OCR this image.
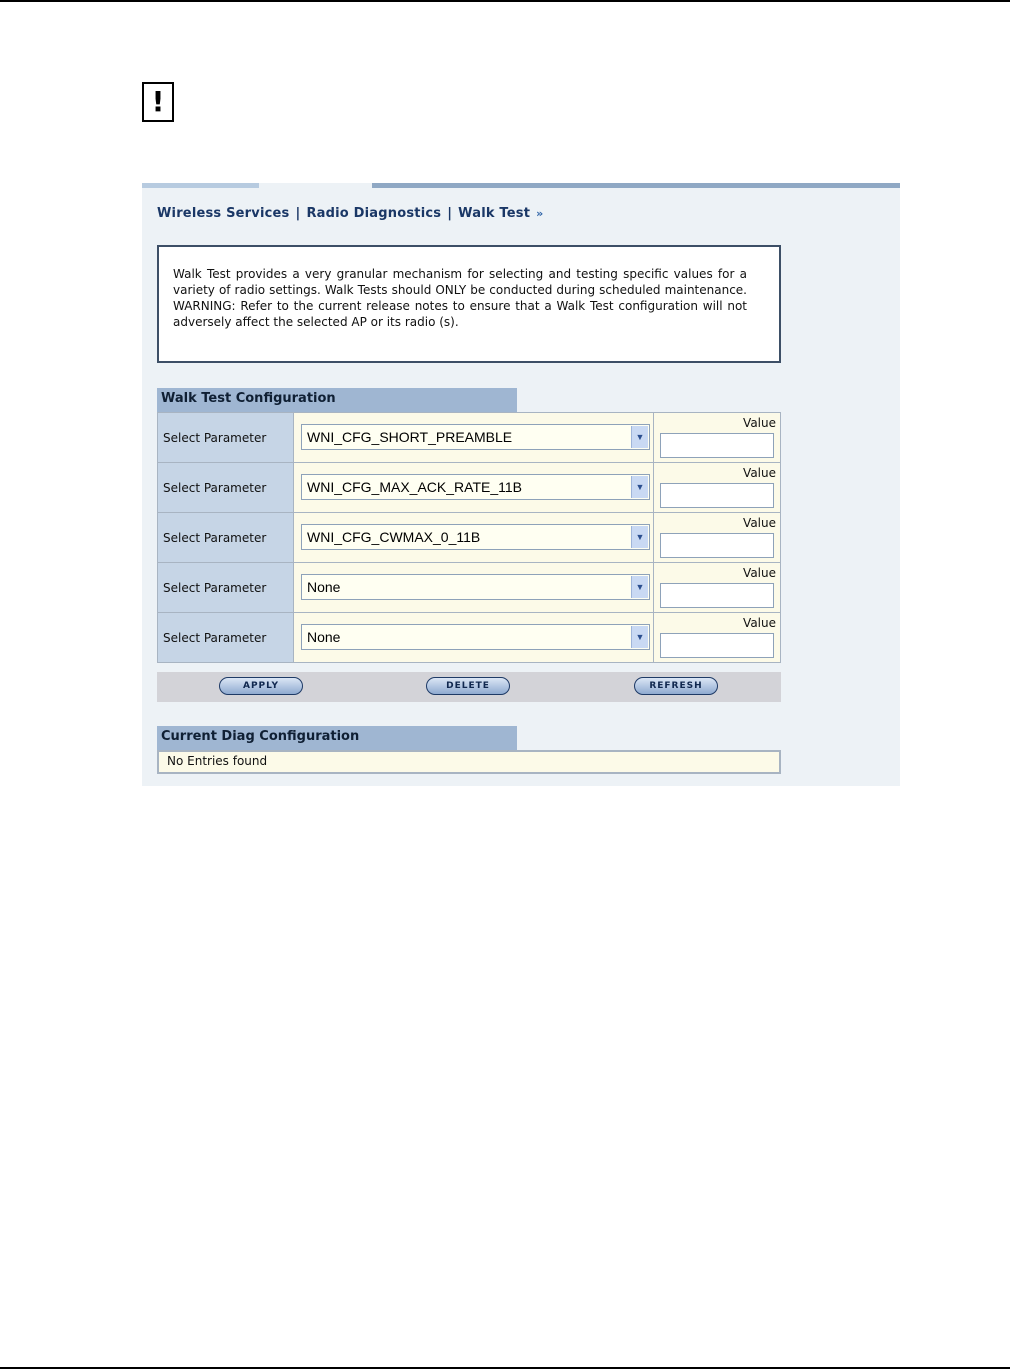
!
Wireless Services | Radio Diagnostics | Walk Test »
Walk Test provides a very granular mechanism for selecting and testing specific values for a variety of radio settings. Walk Tests should ONLY be conducted during scheduled maintenance. WARNING: Refer to the current release notes to ensure that a Walk Test configuration will not adversely affect the selected AP or its radio (s).
Walk Test Configuration
Select Parameter	WNI_CFG_SHORT_PREAMBLE ▼	Value

Select Parameter	WNI_CFG_MAX_ACK_RATE_11B ▼	Value

Select Parameter	WNI_CFG_CWMAX_0_11B ▼	Value

Select Parameter	None ▼	Value

Select Parameter	None ▼	Value
APPLY	DELETE	REFRESH
Current Diag Configuration
No Entries found
